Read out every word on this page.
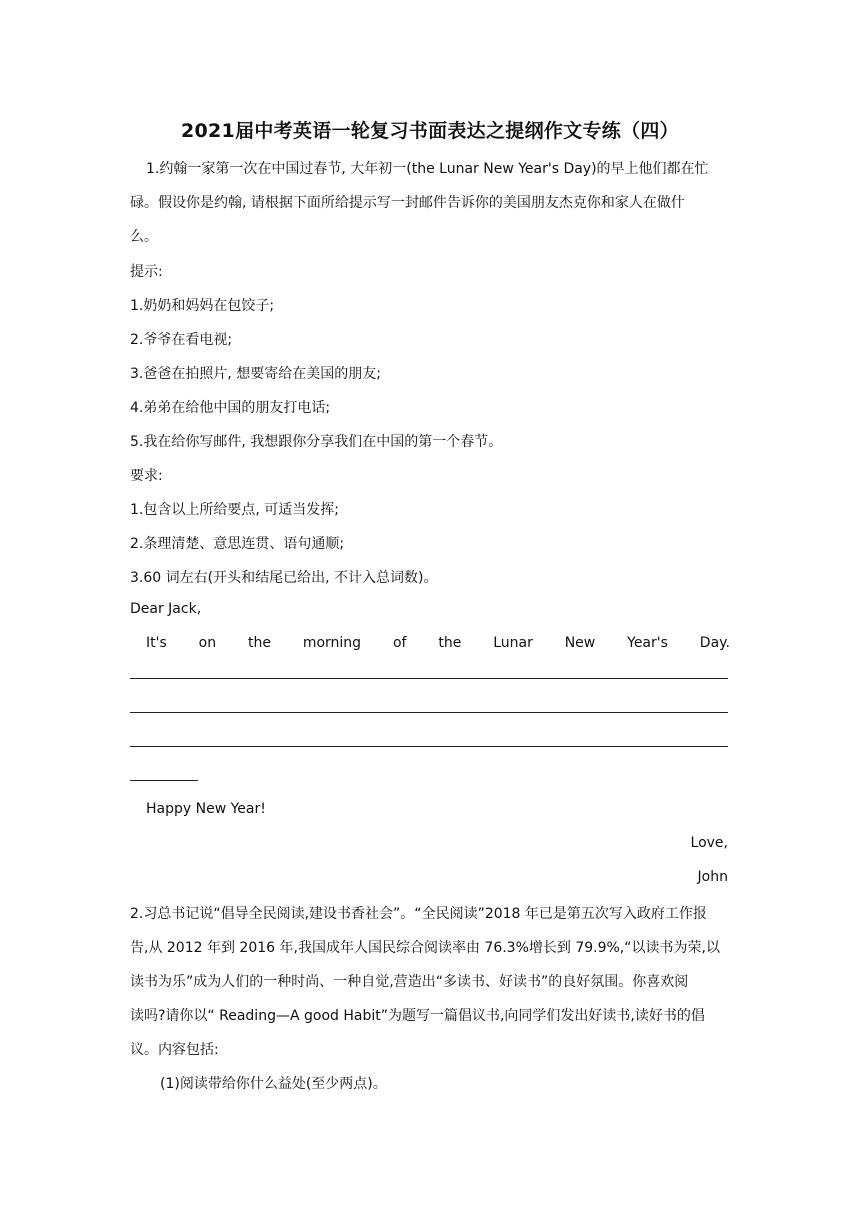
2021届中考英语一轮复习书面表达之提纲作文专练（四）
1.约翰一家第一次在中国过春节, 大年初一(the Lunar New Year's Day)的早上他们都在忙
碌。假设你是约翰, 请根据下面所给提示写一封邮件告诉你的美国朋友杰克你和家人在做什
么。
提示:
1.奶奶和妈妈在包饺子;
2.爷爷在看电视;
3.爸爸在拍照片, 想要寄给在美国的朋友;
4.弟弟在给他中国的朋友打电话;
5.我在给你写邮件, 我想跟你分享我们在中国的第一个春节。
要求:
1.包含以上所给要点, 可适当发挥;
2.条理清楚、意思连贯、语句通顺;
3.60 词左右(开头和结尾已给出, 不计入总词数)。
Dear Jack,
It's on the morning of the Lunar New Year's Day.
Happy New Year!
Love,
John
2.习总书记说“倡导全民阅读,建设书香社会”。“全民阅读”2018 年已是第五次写入政府工作报
告,从 2012 年到 2016 年,我国成年人国民综合阅读率由 76.3%增长到 79.9%,“以读书为荣,以
读书为乐”成为人们的一种时尚、一种自觉,营造出“多读书、好读书”的良好氛围。你喜欢阅
读吗?请你以“ Reading—A good Habit”为题写一篇倡议书,向同学们发出好读书,读好书的倡
议。内容包括:
(1)阅读带给你什么益处(至少两点)。
